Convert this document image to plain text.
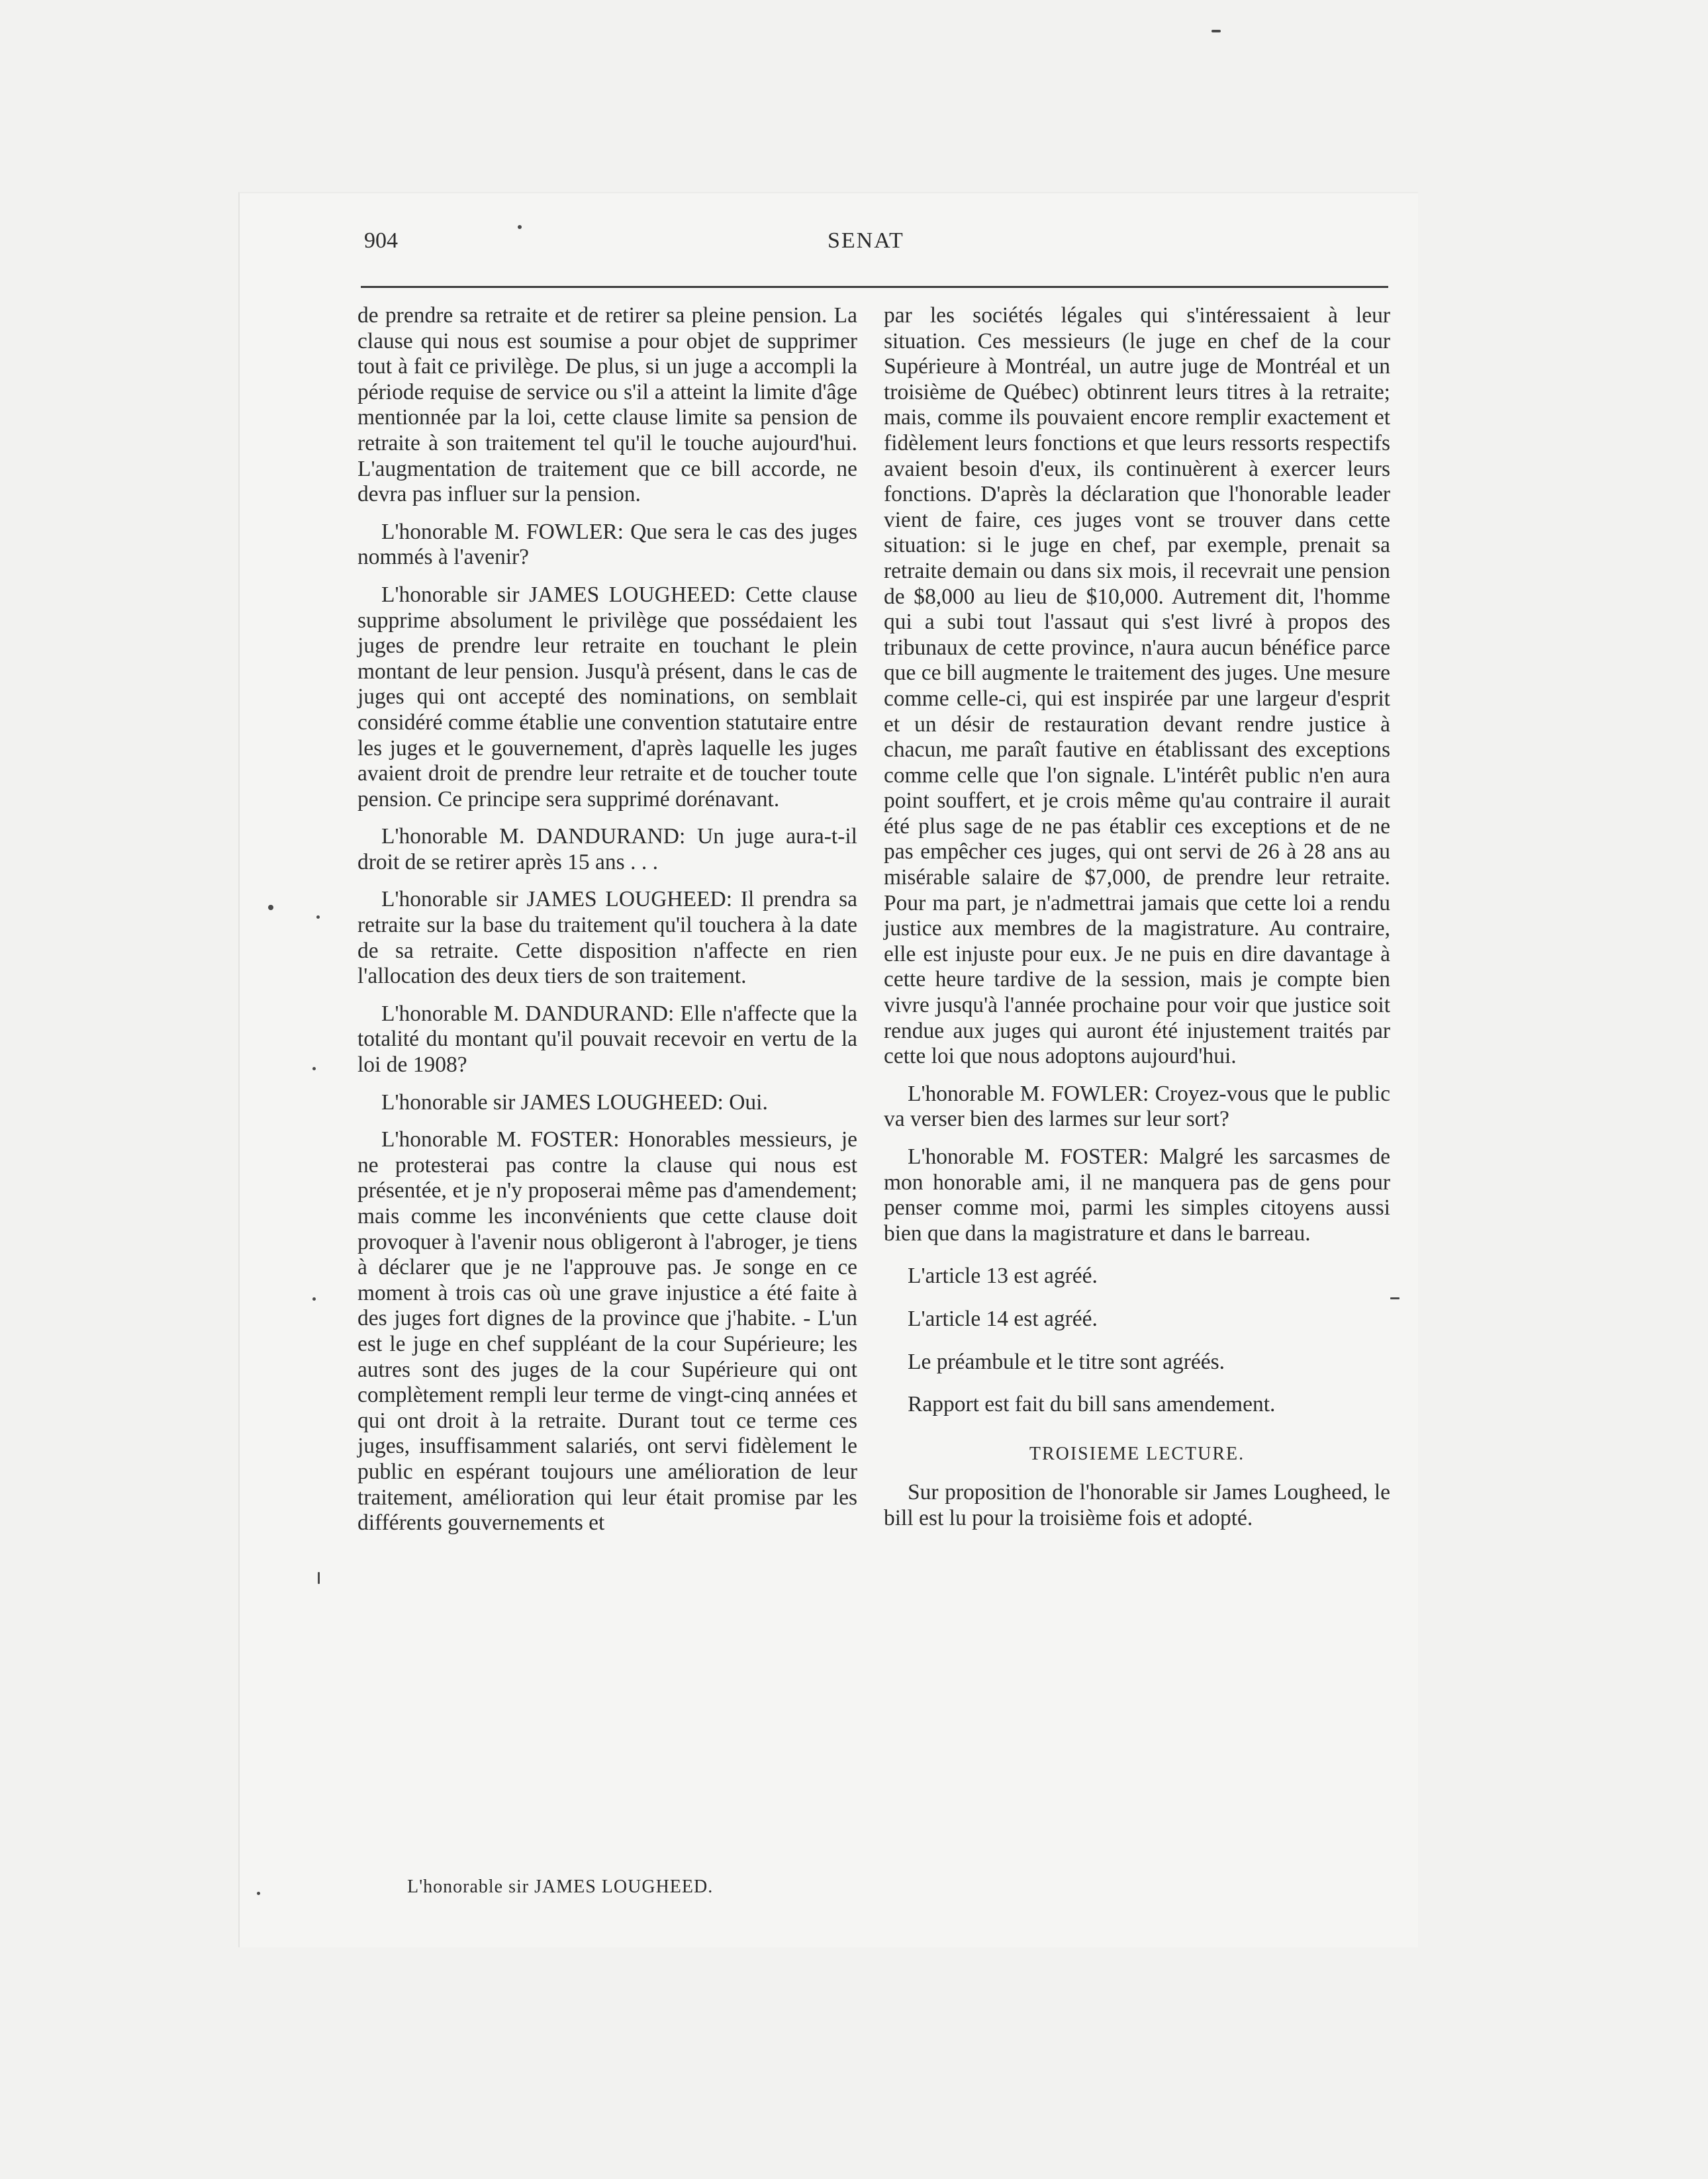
904	SENAT

de prendre sa retraite et de retirer sa pleine pension. La clause qui nous est soumise a pour objet de supprimer tout à fait ce privilège. De plus, si un juge a accompli la période requise de service ou s'il a atteint la limite d'âge mentionnée par la loi, cette clause limite sa pension de retraite à son traitement tel qu'il le touche aujourd'hui. L'augmentation de traitement que ce bill accorde, ne devra pas influer sur la pension.

L'honorable M. FOWLER: Que sera le cas des juges nommés à l'avenir?

L'honorable sir JAMES LOUGHEED: Cette clause supprime absolument le privilège que possédaient les juges de prendre leur retraite en touchant le plein montant de leur pension. Jusqu'à présent, dans le cas de juges qui ont accepté des nominations, on semblait considéré comme établie une convention statutaire entre les juges et le gouvernement, d'après laquelle les juges avaient droit de prendre leur retraite et de toucher toute pension. Ce principe sera supprimé dorénavant.

L'honorable M. DANDURAND: Un juge aura-t-il droit de se retirer après 15 ans . . .

L'honorable sir JAMES LOUGHEED: Il prendra sa retraite sur la base du traitement qu'il touchera à la date de sa retraite. Cette disposition n'affecte en rien l'allocation des deux tiers de son traitement.

L'honorable M. DANDURAND: Elle n'affecte que la totalité du montant qu'il pouvait recevoir en vertu de la loi de 1908?

L'honorable sir JAMES LOUGHEED: Oui.

L'honorable M. FOSTER: Honorables messieurs, je ne protesterai pas contre la clause qui nous est présentée, et je n'y proposerai même pas d'amendement; mais comme les inconvénients que cette clause doit provoquer à l'avenir nous obligeront à l'abroger, je tiens à déclarer que je ne l'approuve pas. Je songe en ce moment à trois cas où une grave injustice a été faite à des juges fort dignes de la province que j'habite. - L'un est le juge en chef suppléant de la cour Supérieure; les autres sont des juges de la cour Supérieure qui ont complètement rempli leur terme de vingt-cinq années et qui ont droit à la retraite. Durant tout ce terme ces juges, insuffisamment salariés, ont servi fidèlement le public en espérant toujours une amélioration de leur traitement, amélioration qui leur était promise par les différents gouvernements et

L'honorable sir JAMES LOUGHEED.

par les sociétés légales qui s'intéressaient à leur situation. Ces messieurs (le juge en chef de la cour Supérieure à Montréal, un autre juge de Montréal et un troisième de Québec) obtinrent leurs titres à la retraite; mais, comme ils pouvaient encore remplir exactement et fidèlement leurs fonctions et que leurs ressorts respectifs avaient besoin d'eux, ils continuèrent à exercer leurs fonctions. D'après la déclaration que l'honorable leader vient de faire, ces juges vont se trouver dans cette situation: si le juge en chef, par exemple, prenait sa retraite demain ou dans six mois, il recevrait une pension de $8,000 au lieu de $10,000. Autrement dit, l'homme qui a subi tout l'assaut qui s'est livré à propos des tribunaux de cette province, n'aura aucun bénéfice parce que ce bill augmente le traitement des juges. Une mesure comme celle-ci, qui est inspirée par une largeur d'esprit et un désir de restauration devant rendre justice à chacun, me paraît fautive en établissant des exceptions comme celle que l'on signale. L'intérêt public n'en aura point souffert, et je crois même qu'au contraire il aurait été plus sage de ne pas établir ces exceptions et de ne pas empêcher ces juges, qui ont servi de 26 à 28 ans au misérable salaire de $7,000, de prendre leur retraite. Pour ma part, je n'admettrai jamais que cette loi a rendu justice aux membres de la magistrature. Au contraire, elle est injuste pour eux. Je ne puis en dire davantage à cette heure tardive de la session, mais je compte bien vivre jusqu'à l'année prochaine pour voir que justice soit rendue aux juges qui auront été injustement traités par cette loi que nous adoptons aujourd'hui.

L'honorable M. FOWLER: Croyez-vous que le public va verser bien des larmes sur leur sort?

L'honorable M. FOSTER: Malgré les sarcasmes de mon honorable ami, il ne manquera pas de gens pour penser comme moi, parmi les simples citoyens aussi bien que dans la magistrature et dans le barreau.

L'article 13 est agréé.

L'article 14 est agréé.

Le préambule et le titre sont agréés.

Rapport est fait du bill sans amendement.

TROISIEME LECTURE.

Sur proposition de l'honorable sir James Lougheed, le bill est lu pour la troisième fois et adopté.
